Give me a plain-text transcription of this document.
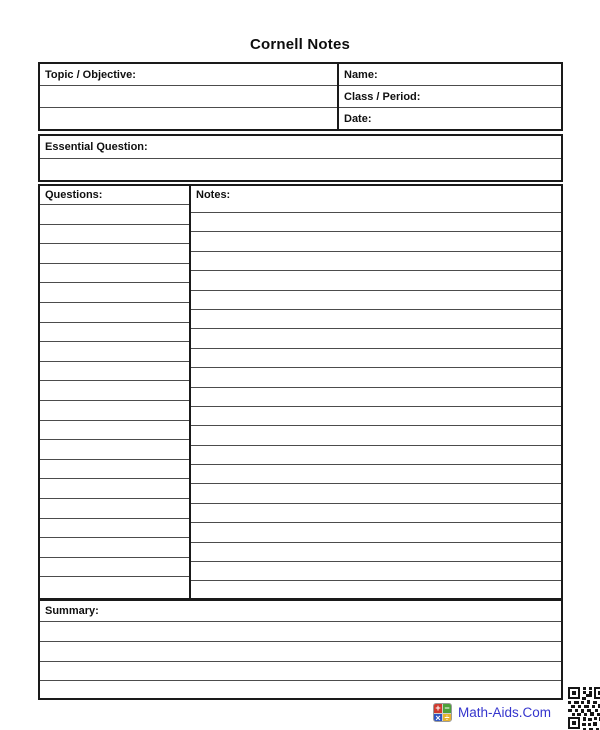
Cornell Notes
Topic / Objective:	Name:
Class / Period:
Date:
Essential Question:
Questions:	Notes:
Summary:
+ −
× ÷ Math-Aids.Com
